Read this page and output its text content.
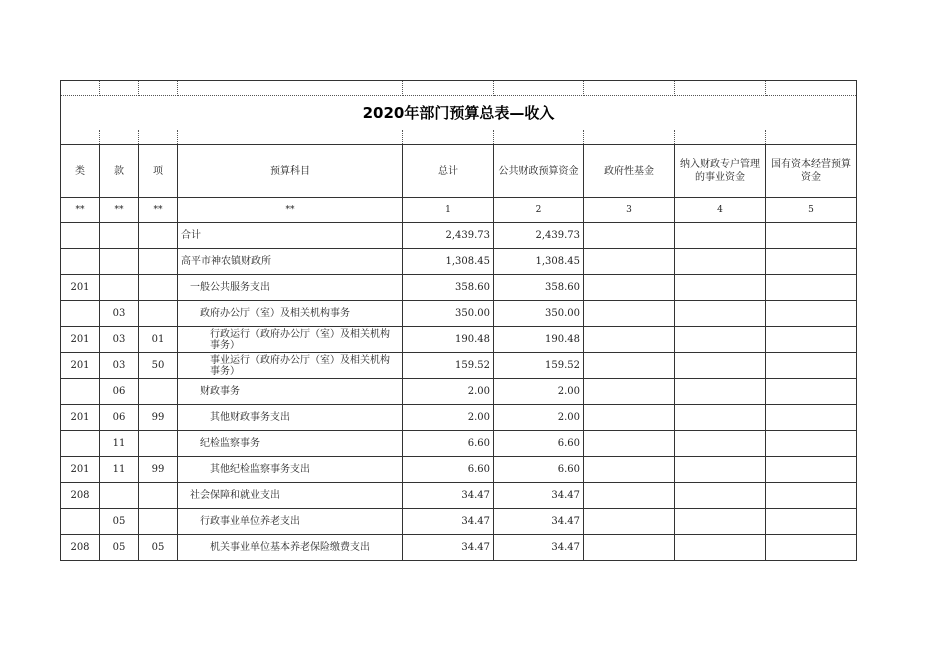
2020年部门预算总表—收入								

类	款	项	预算科目	总计	公共财政预算资金	政府性基金	纳入财政专户管理的事业资金	国有资本经营预算资金
**	**	**	**	1	2	3	4	5
			合计	2,439.73	2,439.73			
			高平市神农镇财政所	1,308.45	1,308.45			
201			一般公共服务支出	358.60	358.60			
	03		政府办公厅（室）及相关机构事务	350.00	350.00			
201	03	01	行政运行（政府办公厅（室）及相关机构事务）	190.48	190.48			
201	03	50	事业运行（政府办公厅（室）及相关机构事务）	159.52	159.52			
	06		财政事务	2.00	2.00			
201	06	99	其他财政事务支出	2.00	2.00			
	11		纪检监察事务	6.60	6.60			
201	11	99	其他纪检监察事务支出	6.60	6.60			
208			社会保障和就业支出	34.47	34.47			
	05		行政事业单位养老支出	34.47	34.47			
208	05	05	机关事业单位基本养老保险缴费支出	34.47	34.47			
